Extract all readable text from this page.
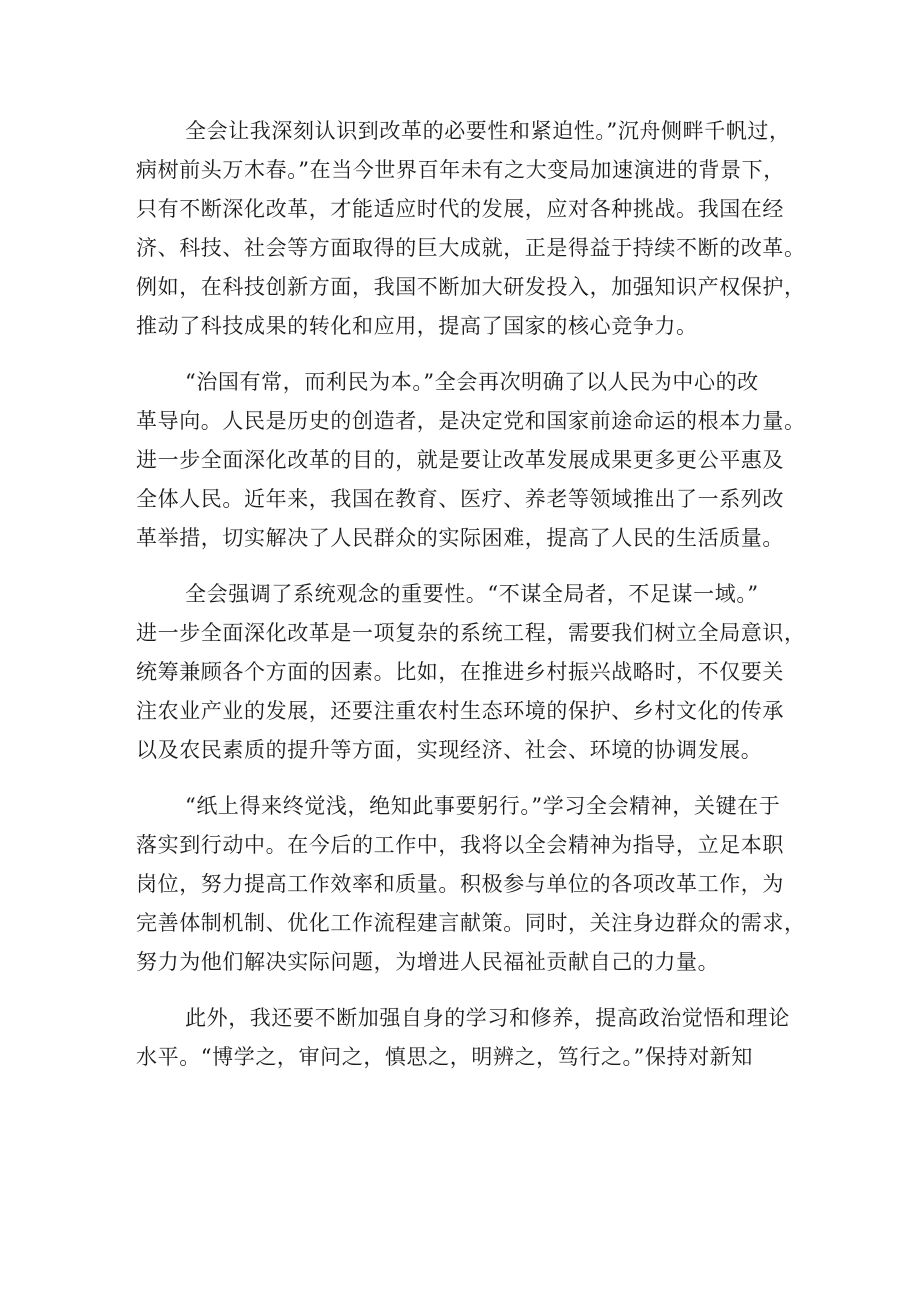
全会让我深刻认识到改革的必要性和紧迫性。”沉舟侧畔千帆过，
病树前头万木春。”在当今世界百年未有之大变局加速演进的背景下，
只有不断深化改革，才能适应时代的发展，应对各种挑战。我国在经
济、科技、社会等方面取得的巨大成就，正是得益于持续不断的改革。
例如，在科技创新方面，我国不断加大研发投入，加强知识产权保护，
推动了科技成果的转化和应用，提高了国家的核心竞争力。
“治国有常，而利民为本。”全会再次明确了以人民为中心的改
革导向。人民是历史的创造者，是决定党和国家前途命运的根本力量。
进一步全面深化改革的目的，就是要让改革发展成果更多更公平惠及
全体人民。近年来，我国在教育、医疗、养老等领域推出了一系列改
革举措，切实解决了人民群众的实际困难，提高了人民的生活质量。
全会强调了系统观念的重要性。“不谋全局者，不足谋一域。”
进一步全面深化改革是一项复杂的系统工程，需要我们树立全局意识，
统筹兼顾各个方面的因素。比如，在推进乡村振兴战略时，不仅要关
注农业产业的发展，还要注重农村生态环境的保护、乡村文化的传承
以及农民素质的提升等方面，实现经济、社会、环境的协调发展。
“纸上得来终觉浅，绝知此事要躬行。”学习全会精神，关键在于
落实到行动中。在今后的工作中，我将以全会精神为指导，立足本职
岗位，努力提高工作效率和质量。积极参与单位的各项改革工作，为
完善体制机制、优化工作流程建言献策。同时，关注身边群众的需求，
努力为他们解决实际问题，为增进人民福祉贡献自己的力量。
此外，我还要不断加强自身的学习和修养，提高政治觉悟和理论
水平。“博学之，审问之，慎思之，明辨之，笃行之。”保持对新知
